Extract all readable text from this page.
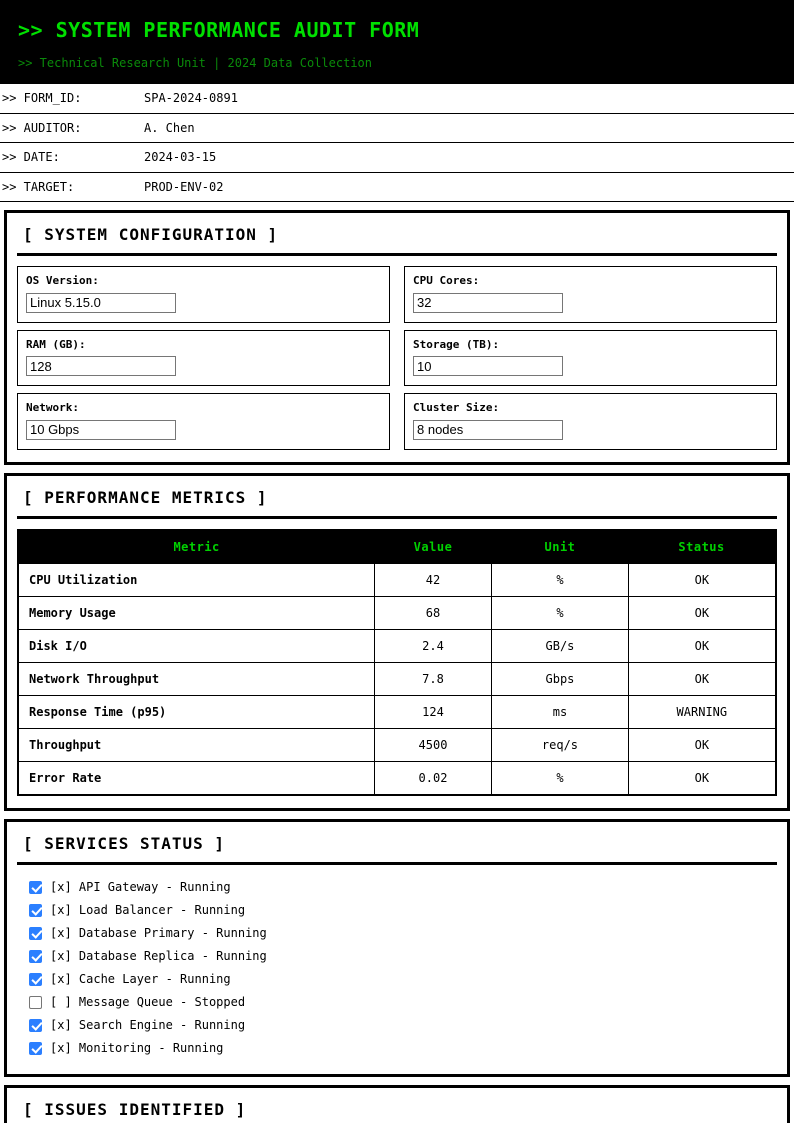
>> SYSTEM PERFORMANCE AUDIT FORM
>> Technical Research Unit | 2024 Data Collection
>> FORM_ID:	SPA-2024-0891
>> AUDITOR:	A. Chen
>> DATE:	2024-03-15
>> TARGET:	PROD-ENV-02
[ SYSTEM CONFIGURATION ]
OS Version:
Linux 5.15.0	CPU Cores:
32
RAM (GB):
128	Storage (TB):
10
Network:
10 Gbps	Cluster Size:
8 nodes
[ PERFORMANCE METRICS ]
Metric	Value	Unit	Status
CPU Utilization	42	%	OK
Memory Usage	68	%	OK
Disk I/O	2.4	GB/s	OK
Network Throughput	7.8	Gbps	OK
Response Time (p95)	124	ms	WARNING
Throughput	4500	req/s	OK
Error Rate	0.02	%	OK
[ SERVICES STATUS ]
[x] API Gateway - Running
[x] Load Balancer - Running
[x] Database Primary - Running
[x] Database Replica - Running
[x] Cache Layer - Running
[ ] Message Queue - Stopped
[x] Search Engine - Running
[x] Monitoring - Running
[ ISSUES IDENTIFIED ]
